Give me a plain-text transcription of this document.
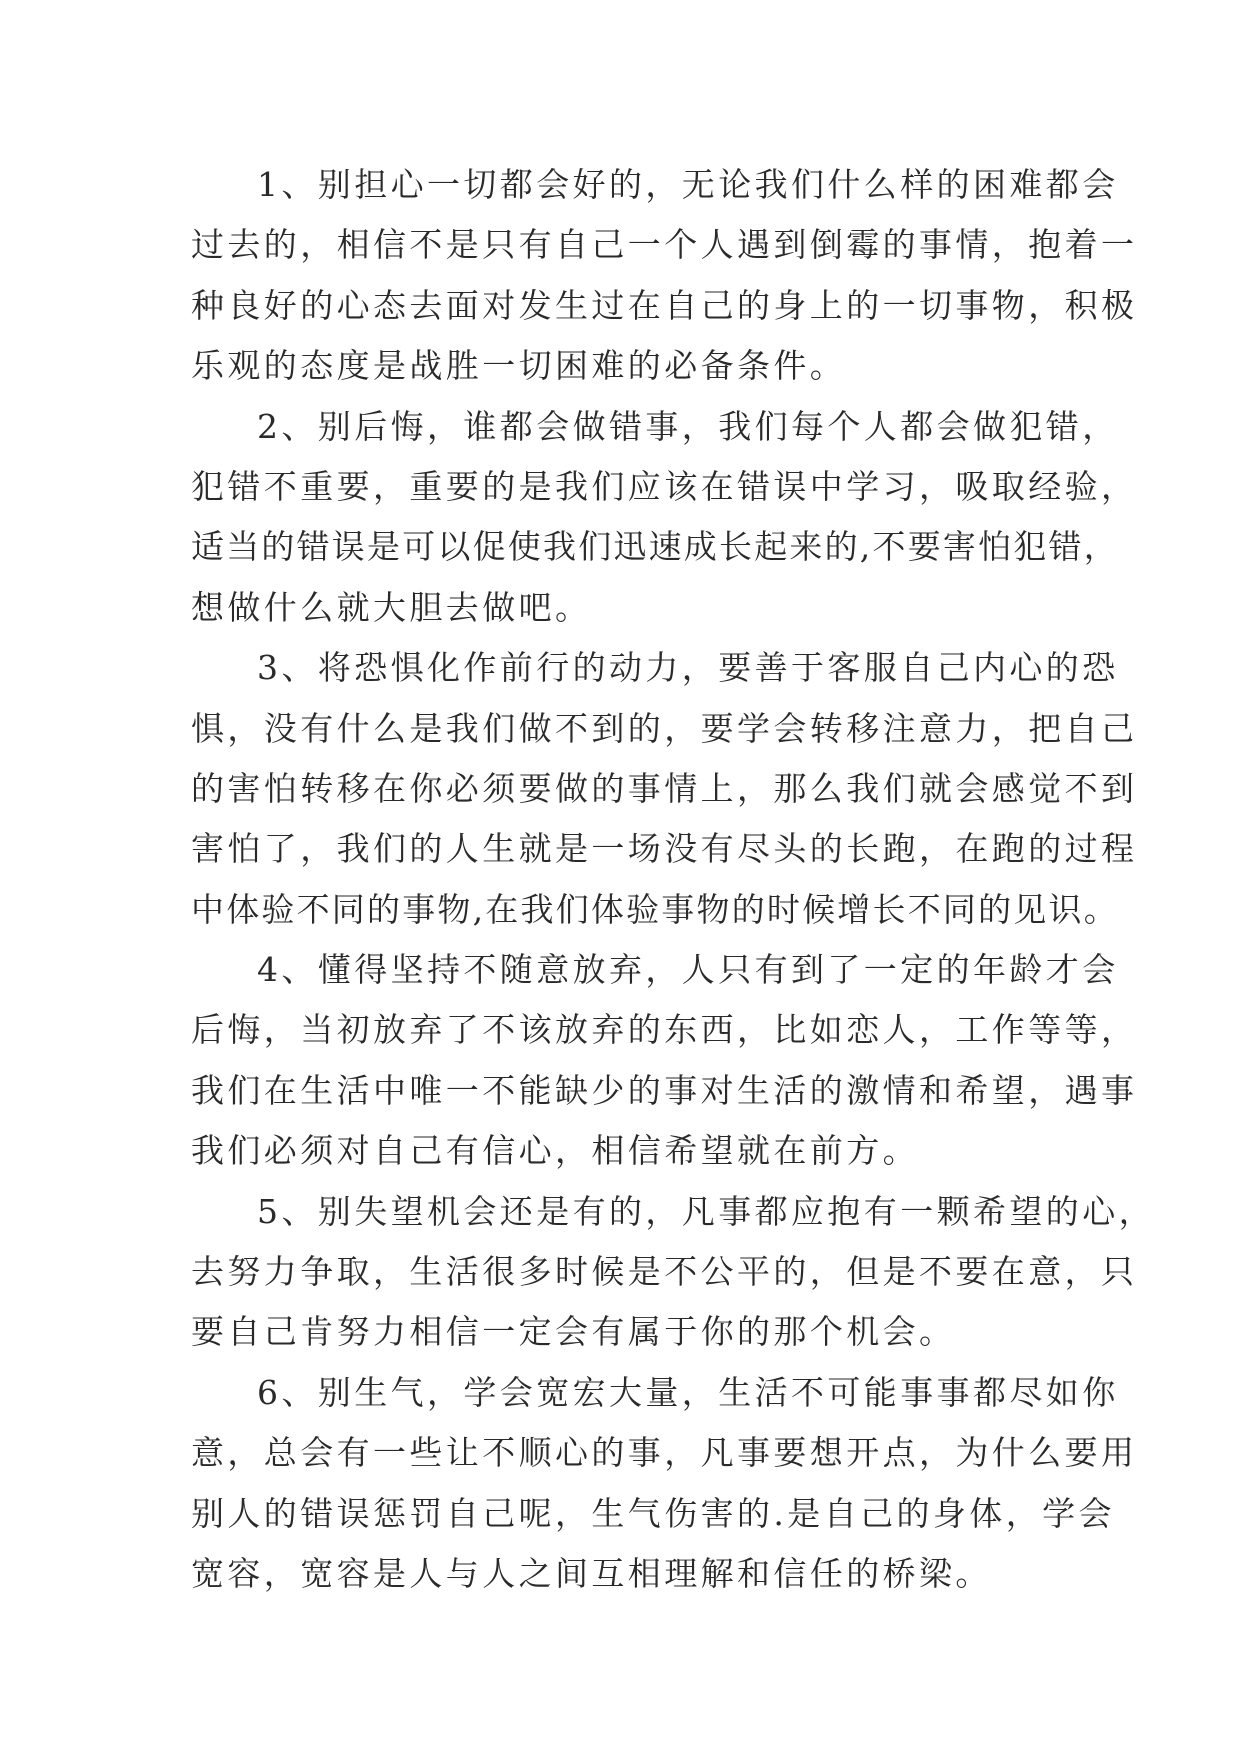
1、别担心一切都会好的，无论我们什么样的困难都会
过去的，相信不是只有自己一个人遇到倒霉的事情，抱着一
种良好的心态去面对发生过在自己的身上的一切事物，积极
乐观的态度是战胜一切困难的必备条件。
2、别后悔，谁都会做错事，我们每个人都会做犯错，
犯错不重要，重要的是我们应该在错误中学习，吸取经验，
适当的错误是可以促使我们迅速成长起来的,不要害怕犯错，
想做什么就大胆去做吧。
3、将恐惧化作前行的动力，要善于客服自己内心的恐
惧，没有什么是我们做不到的，要学会转移注意力，把自己
的害怕转移在你必须要做的事情上，那么我们就会感觉不到
害怕了，我们的人生就是一场没有尽头的长跑，在跑的过程
中体验不同的事物,在我们体验事物的时候增长不同的见识。
4、懂得坚持不随意放弃，人只有到了一定的年龄才会
后悔，当初放弃了不该放弃的东西，比如恋人，工作等等，
我们在生活中唯一不能缺少的事对生活的激情和希望，遇事
我们必须对自己有信心，相信希望就在前方。
5、别失望机会还是有的，凡事都应抱有一颗希望的心，
去努力争取，生活很多时候是不公平的，但是不要在意，只
要自己肯努力相信一定会有属于你的那个机会。
6、别生气，学会宽宏大量，生活不可能事事都尽如你
意，总会有一些让不顺心的事，凡事要想开点，为什么要用
别人的错误惩罚自己呢，生气伤害的.是自己的身体，学会
宽容，宽容是人与人之间互相理解和信任的桥梁。
